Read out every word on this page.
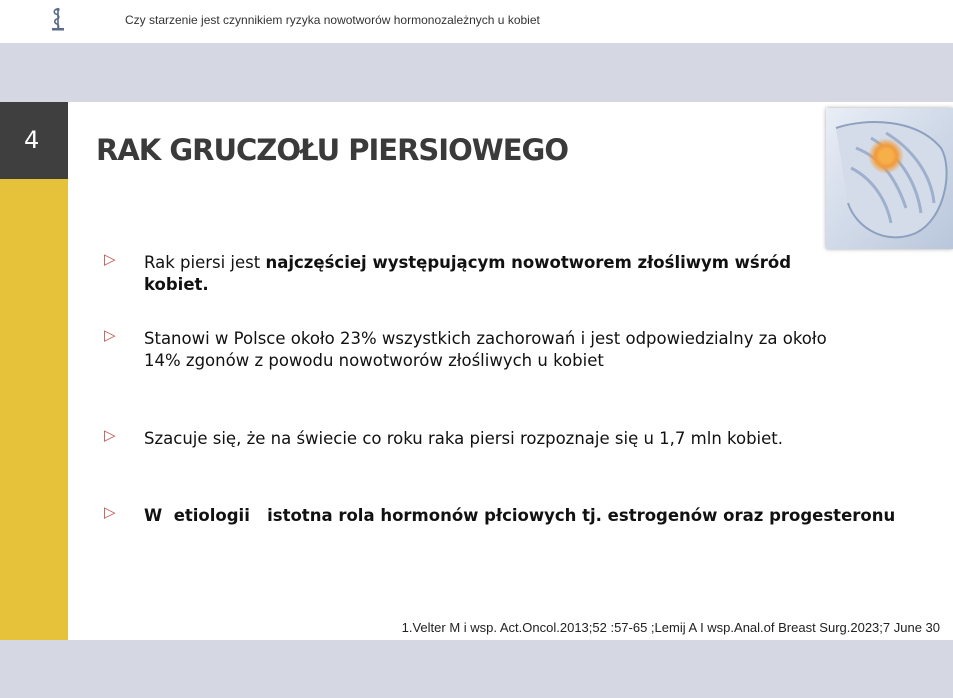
Czy starzenie jest czynnikiem ryzyka nowotworów hormonozależnych u kobiet
4	RAK GRUCZOŁU PIERSIOWEGO
▷ Rak piersi jest najczęściej występującym nowotworem złośliwym wśród kobiet.
▷ Stanowi w Polsce około 23% wszystkich zachorowań i jest odpowiedzialny za około 14% zgonów z powodu nowotworów złośliwych u kobiet
▷ Szacuje się, że na świecie co roku raka piersi rozpoznaje się u 1,7 mln kobiet.
▷ W  etiologii   istotna rola hormonów płciowych tj. estrogenów oraz progesteronu
1.Velter M i wsp. Act.Oncol.2013;52 :57-65 ;Lemij A I wsp.Anal.of Breast Surg.2023;7 June 30
